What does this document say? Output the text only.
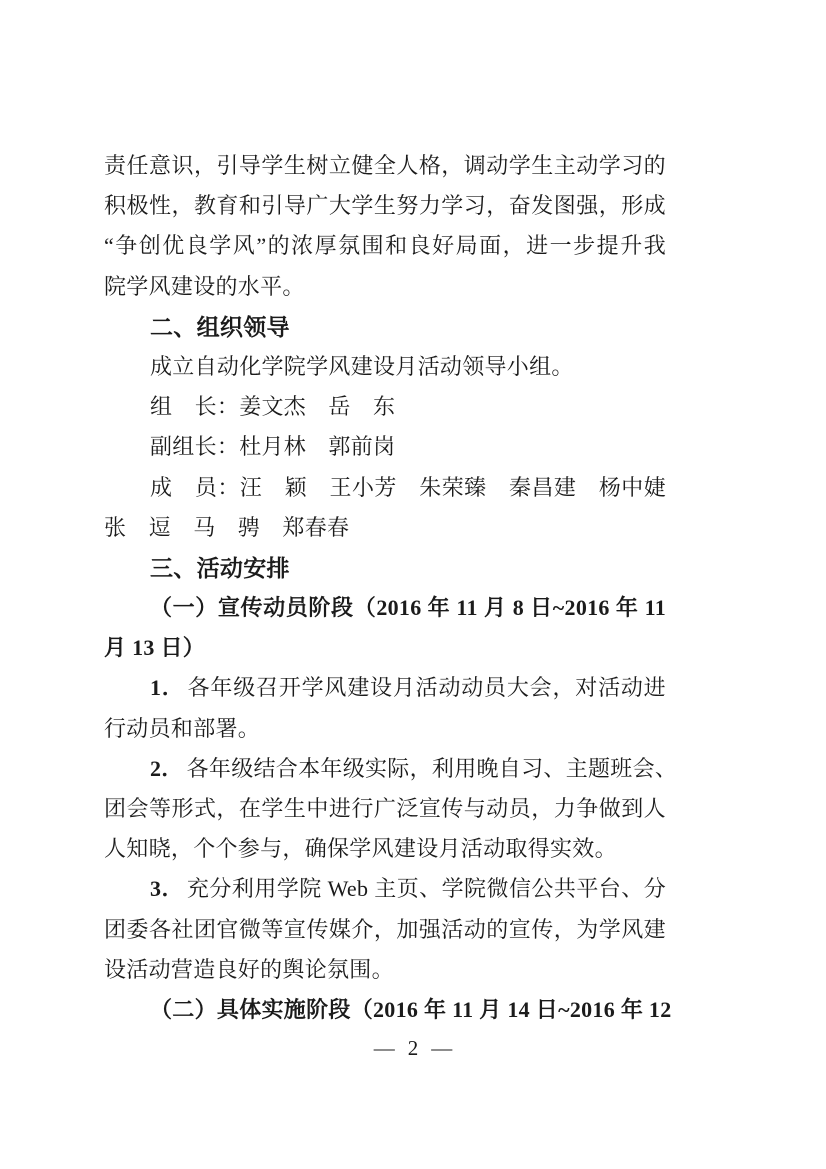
责任意识，引导学生树立健全人格，调动学生主动学习的
积极性，教育和引导广大学生努力学习，奋发图强，形成
“争创优良学风”的浓厚氛围和良好局面，进一步提升我
院学风建设的水平。
二、组织领导
成立自动化学院学风建设月活动领导小组。
组　长：姜文杰　岳　东
副组长：杜月林　郭前岗
成　员：汪　颖　王小芳　朱荣臻　秦昌建　杨中婕
张　逗　马　骋　郑春春
三、活动安排
（一）宣传动员阶段（2016 年 11 月 8 日~2016 年 11
月 13 日）
1． 各年级召开学风建设月活动动员大会，对活动进
行动员和部署。
2． 各年级结合本年级实际，利用晚自习、主题班会、
团会等形式，在学生中进行广泛宣传与动员，力争做到人
人知晓，个个参与，确保学风建设月活动取得实效。
3． 充分利用学院 Web 主页、学院微信公共平台、分
团委各社团官微等宣传媒介，加强活动的宣传，为学风建
设活动营造良好的舆论氛围。
（二）具体实施阶段（2016 年 11 月 14 日~2016 年 12
— 2 —
